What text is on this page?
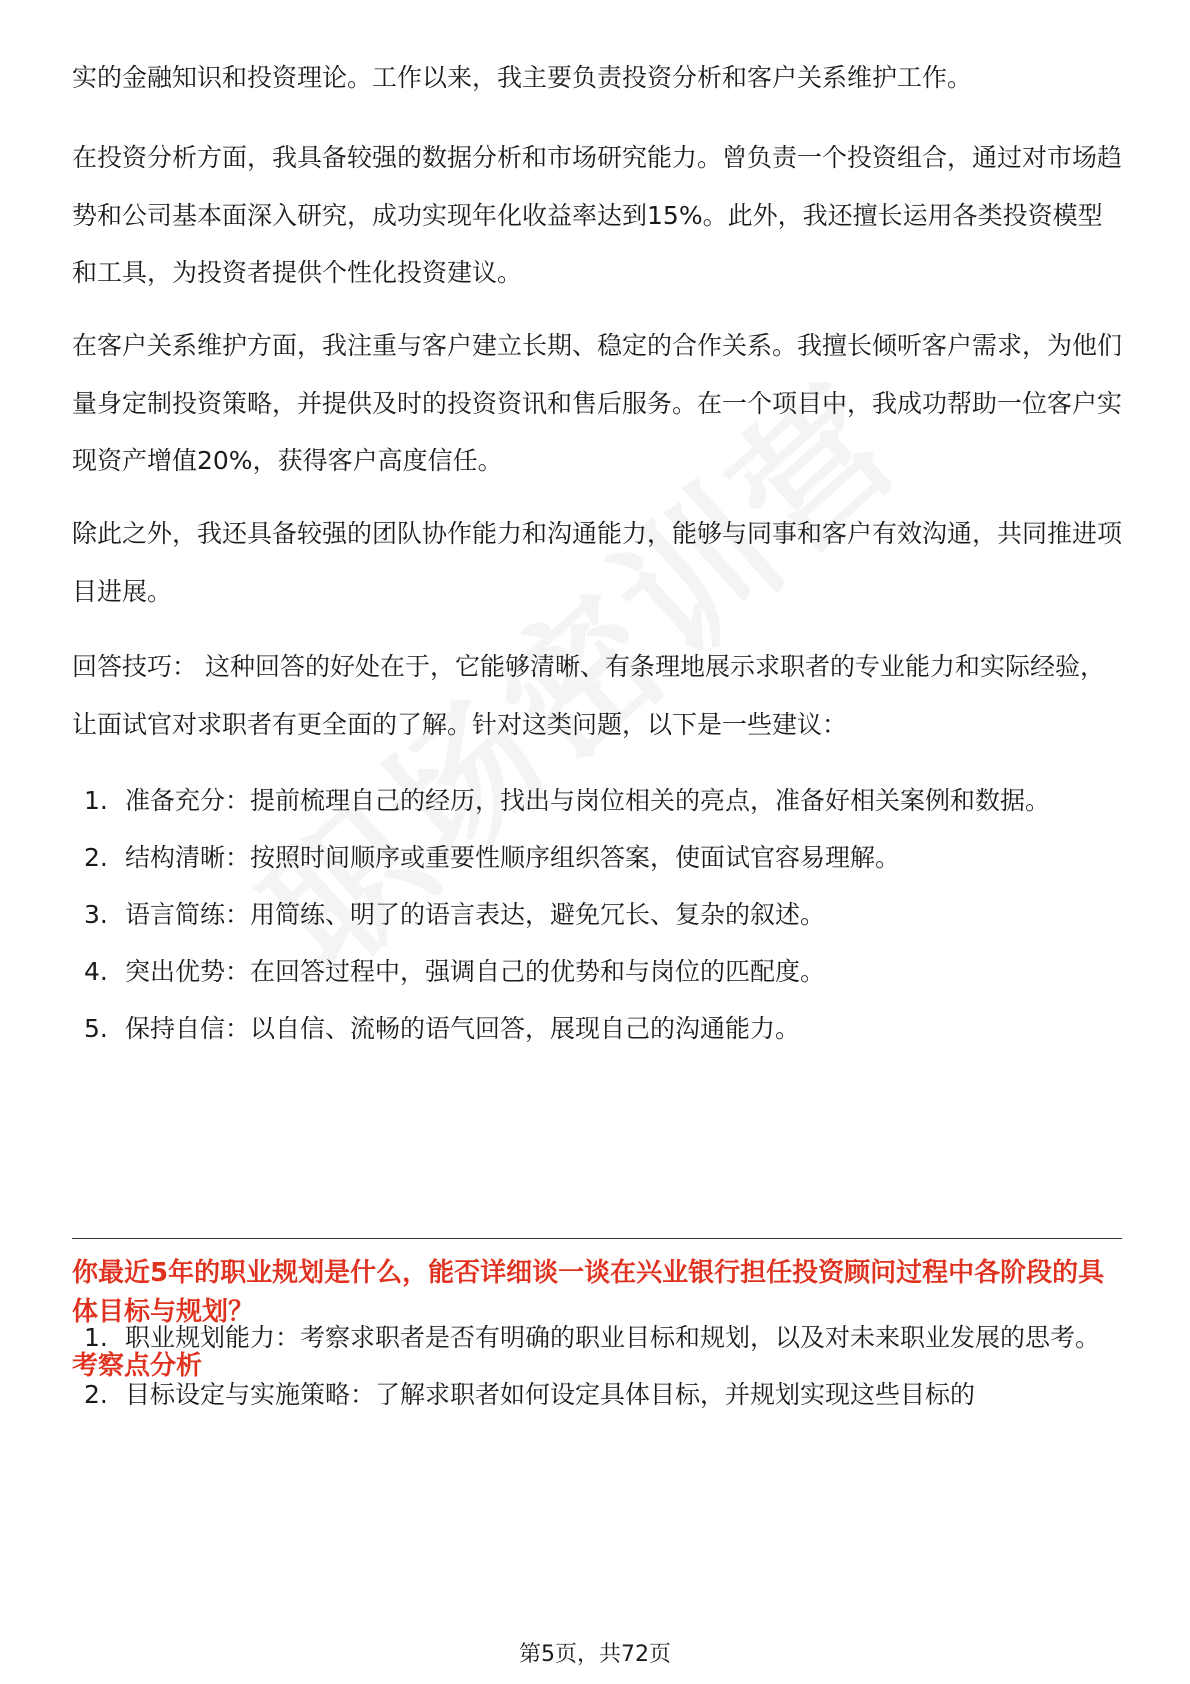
实的金融知识和投资理论。工作以来，我主要负责投资分析和客户关系维护工作。

在投资分析方面，我具备较强的数据分析和市场研究能力。曾负责一个投资组合，通过对市场趋势和公司基本面深入研究，成功实现年化收益率达到15%。此外，我还擅长运用各类投资模型和工具，为投资者提供个性化投资建议。

在客户关系维护方面，我注重与客户建立长期、稳定的合作关系。我擅长倾听客户需求，为他们量身定制投资策略，并提供及时的投资资讯和售后服务。在一个项目中，我成功帮助一位客户实现资产增值20%，获得客户高度信任。

除此之外，我还具备较强的团队协作能力和沟通能力，能够与同事和客户有效沟通，共同推进项目进展。

回答技巧： 这种回答的好处在于，它能够清晰、有条理地展示求职者的专业能力和实际经验，让面试官对求职者有更全面的了解。针对这类问题，以下是一些建议：

1. 准备充分：提前梳理自己的经历，找出与岗位相关的亮点，准备好相关案例和数据。
2. 结构清晰：按照时间顺序或重要性顺序组织答案，使面试官容易理解。
3. 语言简练：用简练、明了的语言表达，避免冗长、复杂的叙述。
4. 突出优势：在回答过程中，强调自己的优势和与岗位的匹配度。
5. 保持自信：以自信、流畅的语气回答，展现自己的沟通能力。
你最近5年的职业规划是什么，能否详细谈一谈在兴业银行担任投资顾问过程中各阶段的具体目标与规划？
考察点分析
1. 职业规划能力：考察求职者是否有明确的职业目标和规划，以及对未来职业发展的思考。
2. 目标设定与实施策略：了解求职者如何设定具体目标，并规划实现这些目标的
第5页，共72页
